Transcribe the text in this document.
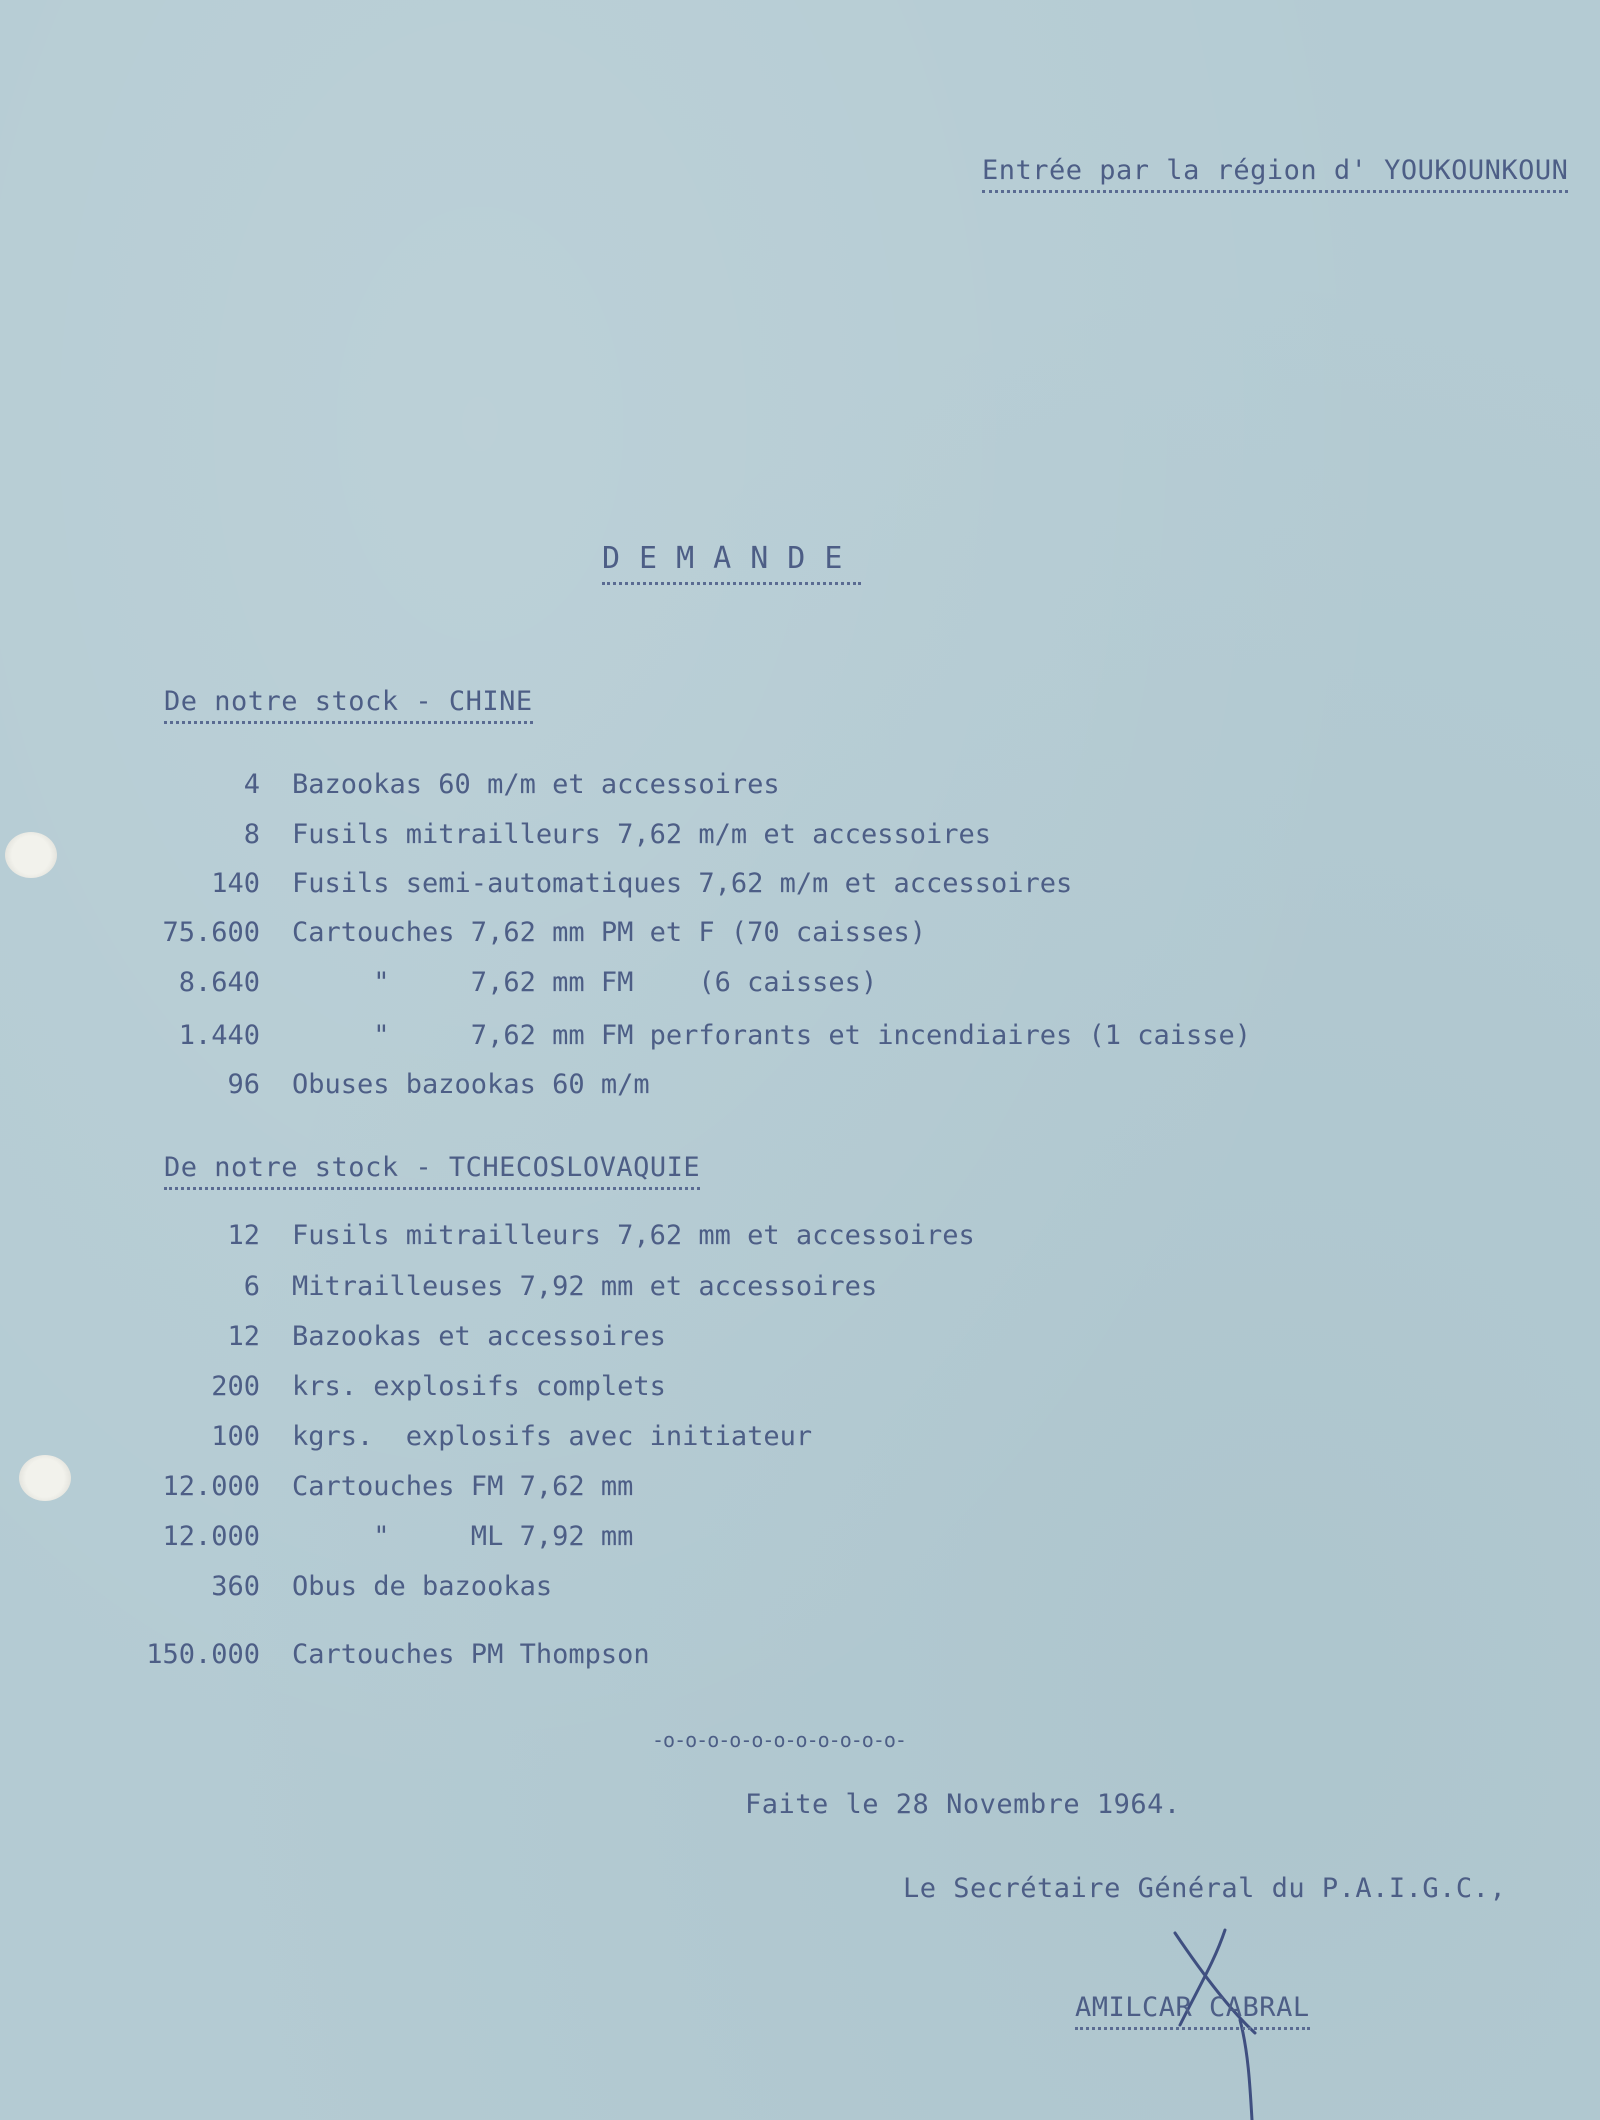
Entrée par la région d' YOUKOUNKOUN
DEMANDE
De notre stock - CHINE
4 Bazookas 60 m/m et accessoires
8 Fusils mitrailleurs 7,62 m/m et accessoires
140 Fusils semi-automatiques 7,62 m/m et accessoires
75.600 Cartouches 7,62 mm PM et F (70 caisses)
8.640 "     7,62 mm FM    (6 caisses)
1.440 "     7,62 mm FM perforants et incendiaires (1 caisse)
96 Obuses bazookas 60 m/m
De notre stock - TCHECOSLOVAQUIE
12 Fusils mitrailleurs 7,62 mm et accessoires
6 Mitrailleuses 7,92 mm et accessoires
12 Bazookas et accessoires
200 krs. explosifs complets
100 kgrs.  explosifs avec initiateur
12.000 Cartouches FM 7,62 mm
12.000 "     ML 7,92 mm
360 Obus de bazookas
150.000 Cartouches PM Thompson
-o-o-o-o-o-o-o-o-o-o-o-
Faite le 28 Novembre 1964.
Le Secrétaire Général du P.A.I.G.C.,
AMILCAR CABRAL
